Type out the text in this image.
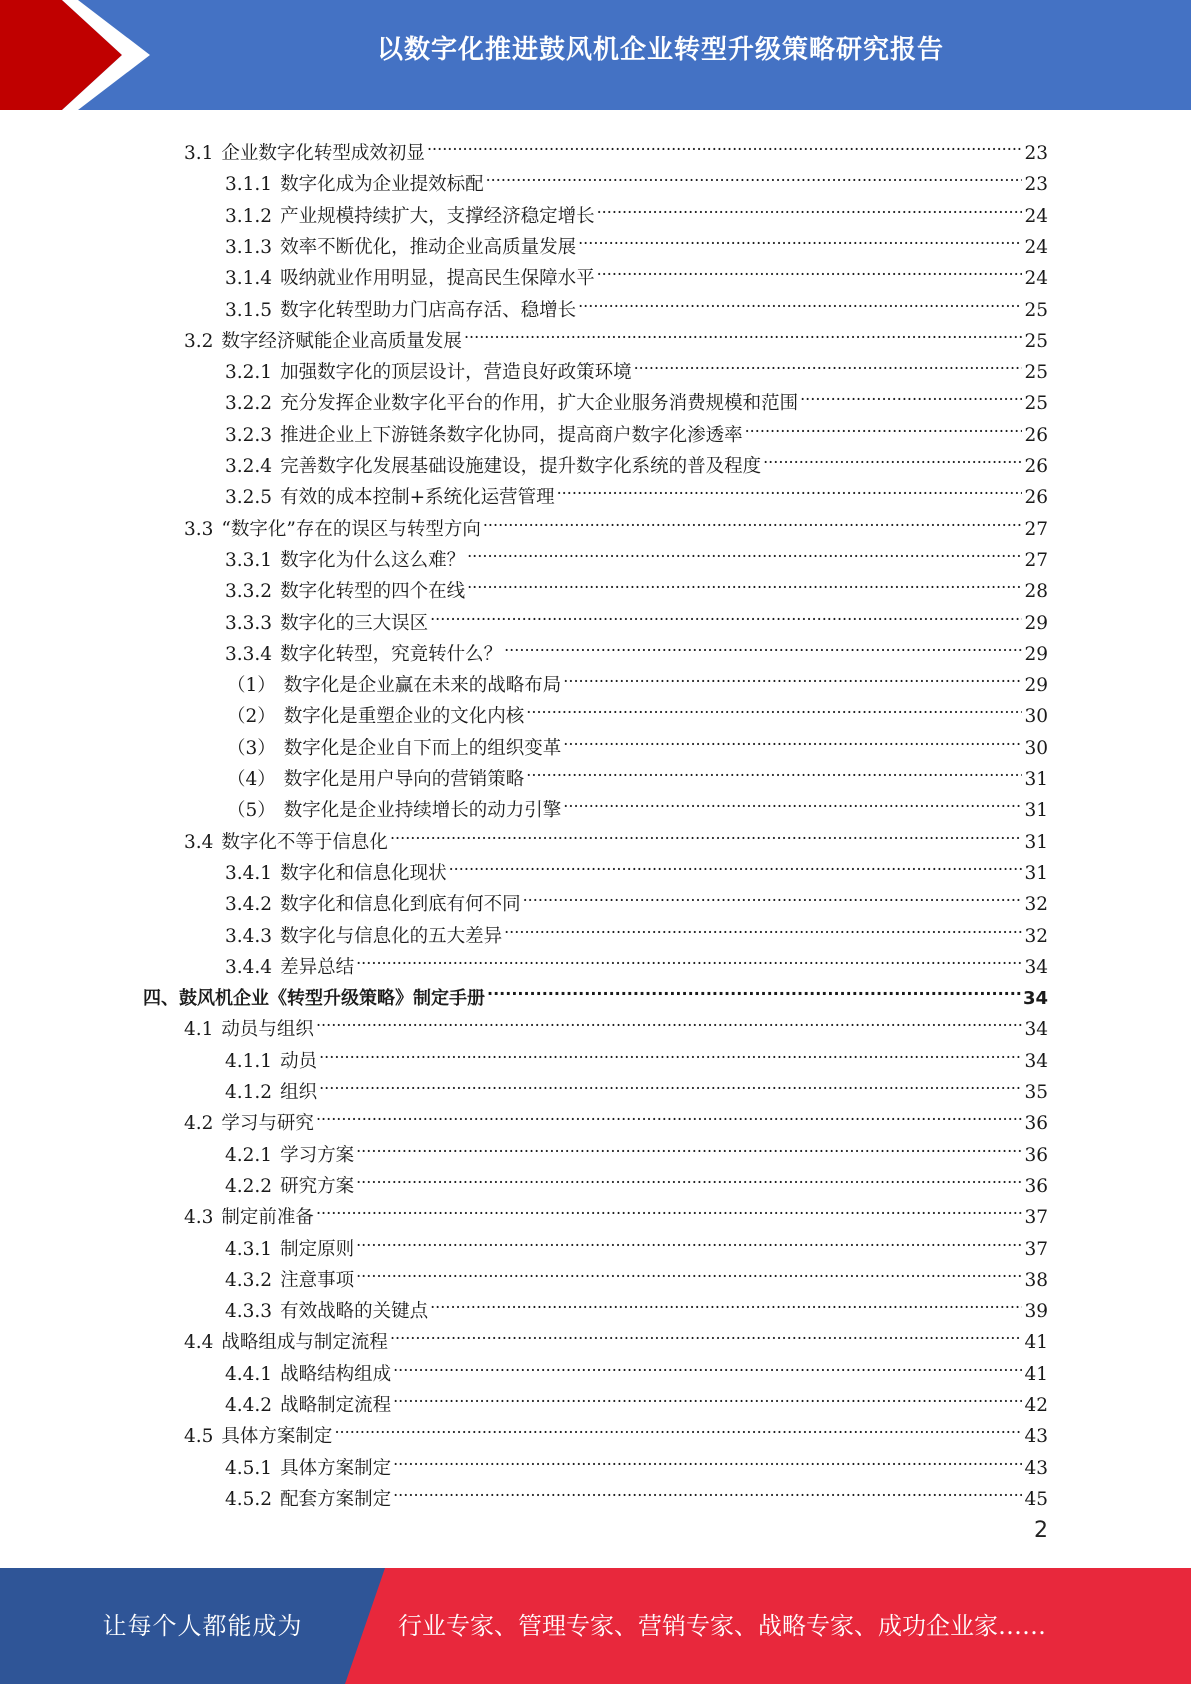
以数字化推进鼓风机企业转型升级策略研究报告
3.1 企业数字化转型成效初显 .....	23
3.1.1 数字化成为企业提效标配 .....	23
3.1.2 产业规模持续扩大，支撑经济稳定增长 .....	24
3.1.3 效率不断优化，推动企业高质量发展 .....	24
3.1.4 吸纳就业作用明显，提高民生保障水平 .....	24
3.1.5 数字化转型助力门店高存活、稳增长 .....	25
3.2 数字经济赋能企业高质量发展 .....	25
3.2.1 加强数字化的顶层设计，营造良好政策环境 .....	25
3.2.2 充分发挥企业数字化平台的作用，扩大企业服务消费规模和范围 .....	25
3.2.3 推进企业上下游链条数字化协同，提高商户数字化渗透率 .....	26
3.2.4 完善数字化发展基础设施建设，提升数字化系统的普及程度 .....	26
3.2.5 有效的成本控制+系统化运营管理 .....	26
3.3 “数字化”存在的误区与转型方向 .....	27
3.3.1 数字化为什么这么难？ .....	27
3.3.2 数字化转型的四个在线 .....	28
3.3.3 数字化的三大误区 .....	29
3.3.4 数字化转型，究竟转什么？ .....	29
（1） 数字化是企业赢在未来的战略布局 .....	29
（2） 数字化是重塑企业的文化内核 .....	30
（3） 数字化是企业自下而上的组织变革 .....	30
（4） 数字化是用户导向的营销策略 .....	31
（5） 数字化是企业持续增长的动力引擎 .....	31
3.4 数字化不等于信息化 .....	31
3.4.1 数字化和信息化现状 .....	31
3.4.2 数字化和信息化到底有何不同 .....	32
3.4.3 数字化与信息化的五大差异 .....	32
3.4.4 差异总结 .....	34
四、鼓风机企业《转型升级策略》制定手册 .....	34
4.1 动员与组织 .....	34
4.1.1 动员 .....	34
4.1.2 组织 .....	35
4.2 学习与研究 .....	36
4.2.1 学习方案 .....	36
4.2.2 研究方案 .....	36
4.3 制定前准备 .....	37
4.3.1 制定原则 .....	37
4.3.2 注意事项 .....	38
4.3.3 有效战略的关键点 .....	39
4.4 战略组成与制定流程 .....	41
4.4.1 战略结构组成 .....	41
4.4.2 战略制定流程 .....	42
4.5 具体方案制定 .....	43
4.5.1 具体方案制定 .....	43
4.5.2 配套方案制定 .....	45
2
让每个人都能成为	行业专家、管理专家、营销专家、战略专家、成功企业家……
